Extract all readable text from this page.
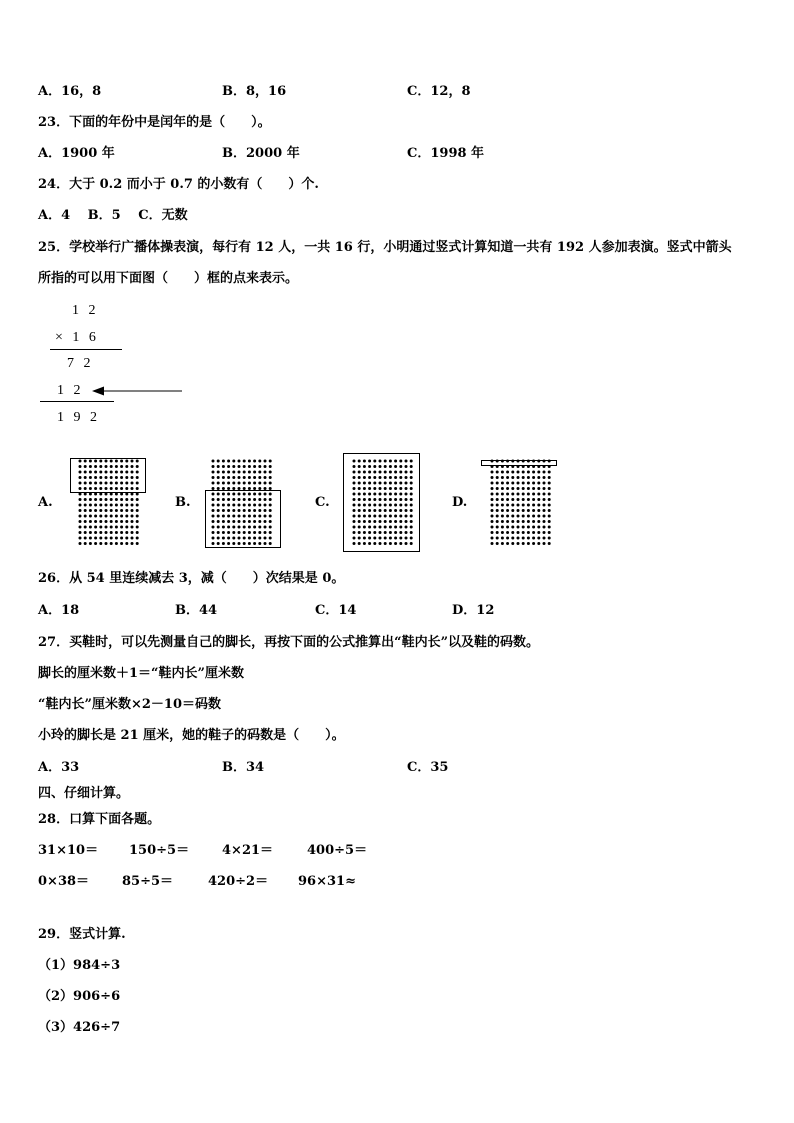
A．16，8	B．8，16	C．12，8
23．下面的年份中是闰年的是（　　）。
A．1900 年	B．2000 年	C．1998 年
24．大于 0.2 而小于 0.7 的小数有（　　）个.
A．4　 B．5　 C．无数
25．学校举行广播体操表演，每行有 12 人，一共 16 行，小明通过竖式计算知道一共有 192 人参加表演。竖式中箭头
所指的可以用下面图（　　）框的点来表示。
1 2
× 1 6
7 2
1 2
1 9 2
A.	B.	C.	D.
26．从 54 里连续减去 3，减（　　）次结果是 0。
A．18	B．44	C．14	D．12
27．买鞋时，可以先测量自己的脚长，再按下面的公式推算出“鞋内长”以及鞋的码数。
脚长的厘米数＋1＝“鞋内长”厘米数
“鞋内长”厘米数×2－10＝码数
小玲的脚长是 21 厘米，她的鞋子的码数是（　　）。
A．33	B．34	C．35
四、仔细计算。
28．口算下面各题。
31×10＝ 150÷5＝	4×21＝	400÷5＝
0×38＝	85÷5＝	420÷2＝ 96×31≈
29．竖式计算.
（1）984÷3
（2）906÷6
（3）426÷7
